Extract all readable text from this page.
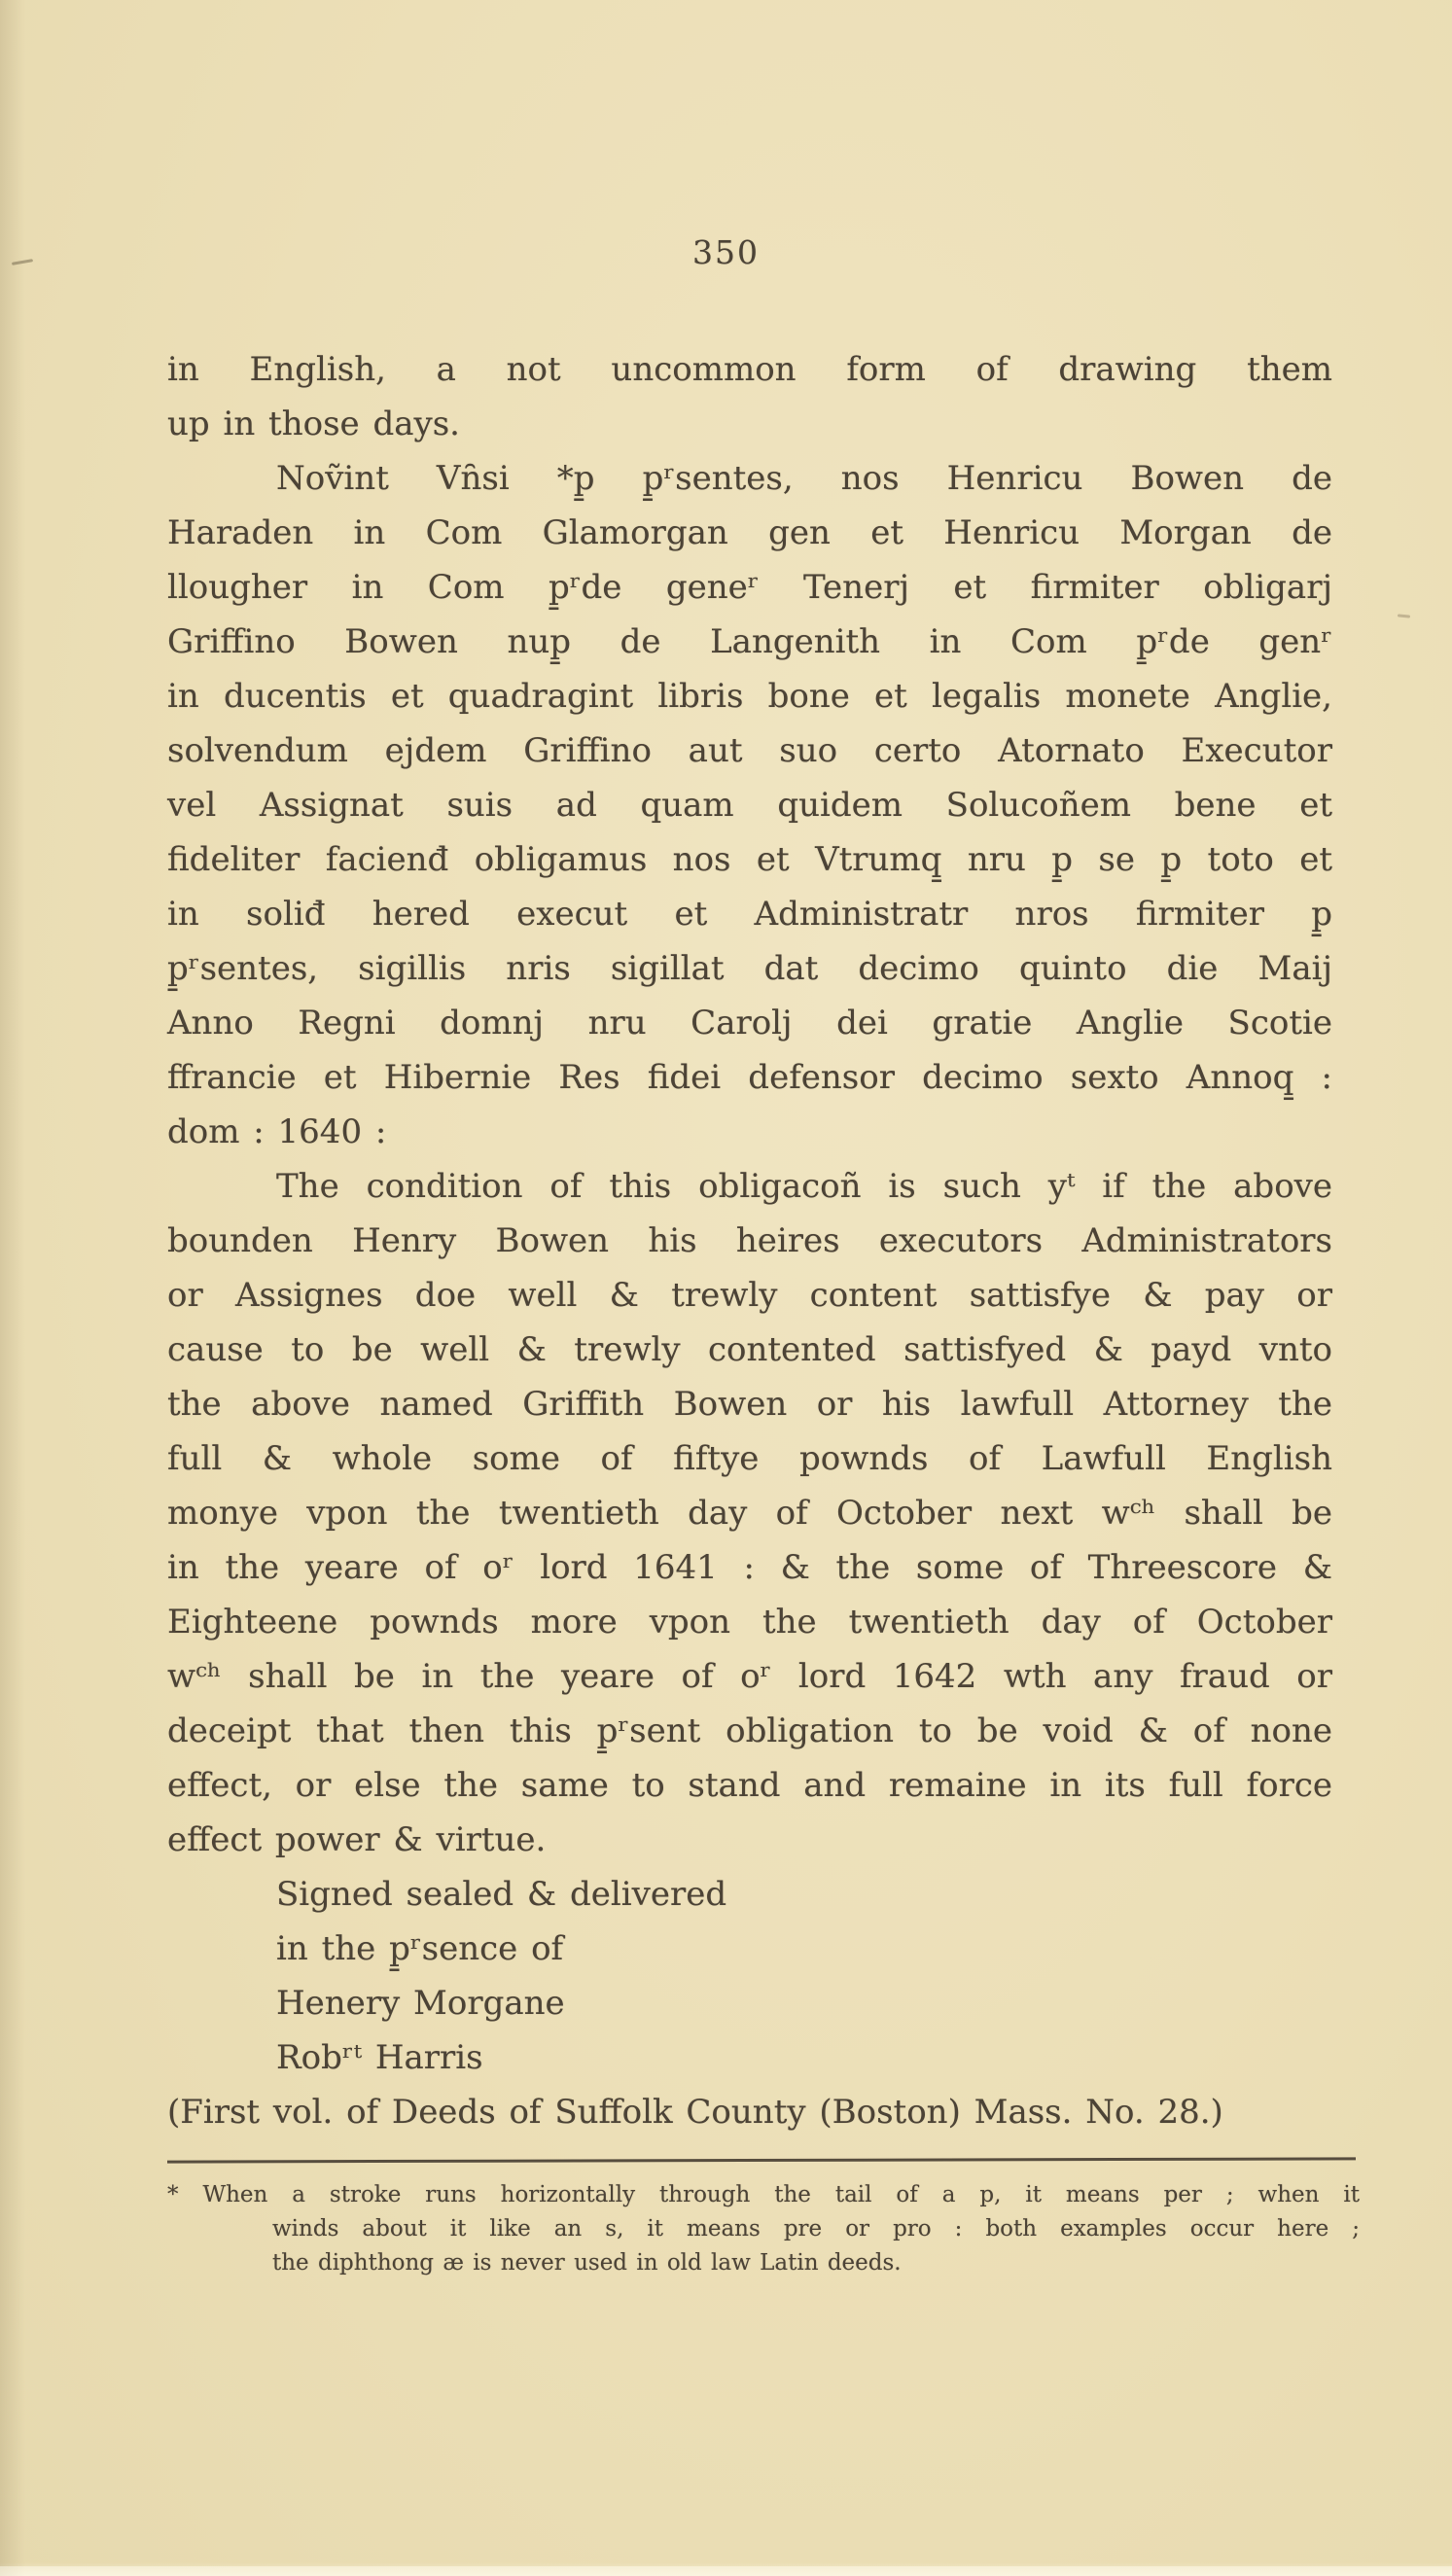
350
in English, a not uncommon form of drawing them
up in those days.
Noṽint Vn̑si *p̱ p̱ʳsentes, nos Henricu Bowen de
Haraden in Com Glamorgan gen et Henricu Morgan de
llougher in Com p̱ʳde geneʳ Tenerj et firmiter obligarj
Griffino Bowen nup̱ de Langenith in Com p̱ʳde genʳ
in ducentis et quadragint libris bone et legalis monete Anglie,
solvendum ejdem Griffino aut suo certo Atornato Executor
vel Assignat suis ad quam quidem Solucoñem bene et
fideliter facienđ obligamus nos et Vtrumq̱ nru p̱ se p̱ toto et
in soliđ hered execut et Administratr nros firmiter p̱
p̱ʳsentes, sigillis nris sigillat dat decimo quinto die Maij
Anno Regni domnj nru Carolj dei gratie Anglie Scotie
ffrancie et Hibernie Res fidei defensor decimo sexto Annoq̱ :
dom : 1640 :
The condition of this obligacoñ is such yᵗ if the above
bounden Henry Bowen his heires executors Administrators
or Assignes doe well & trewly content sattisfye & pay or
cause to be well & trewly contented sattisfyed & payd vnto
the above named Griffith Bowen or his lawfull Attorney the
full & whole some of fiftye pownds of Lawfull English
monye vpon the twentieth day of October next wᶜʰ shall be
in the yeare of oʳ lord 1641 : & the some of Threescore &
Eighteene pownds more vpon the twentieth day of October
wᶜʰ shall be in the yeare of oʳ lord 1642 wth any fraud or
deceipt that then this p̱ʳsent obligation to be void & of none
effect, or else the same to stand and remaine in its full force
effect power & virtue.
Signed sealed & delivered
in the p̱ʳsence of
Henery Morgane
Robʳᵗ Harris
(First vol. of Deeds of Suffolk County (Boston) Mass. No. 28.)
* When a stroke runs horizontally through the tail of a p, it means per ; when it
winds about it like an s, it means pre or pro : both examples occur here ;
the diphthong æ is never used in old law Latin deeds.
